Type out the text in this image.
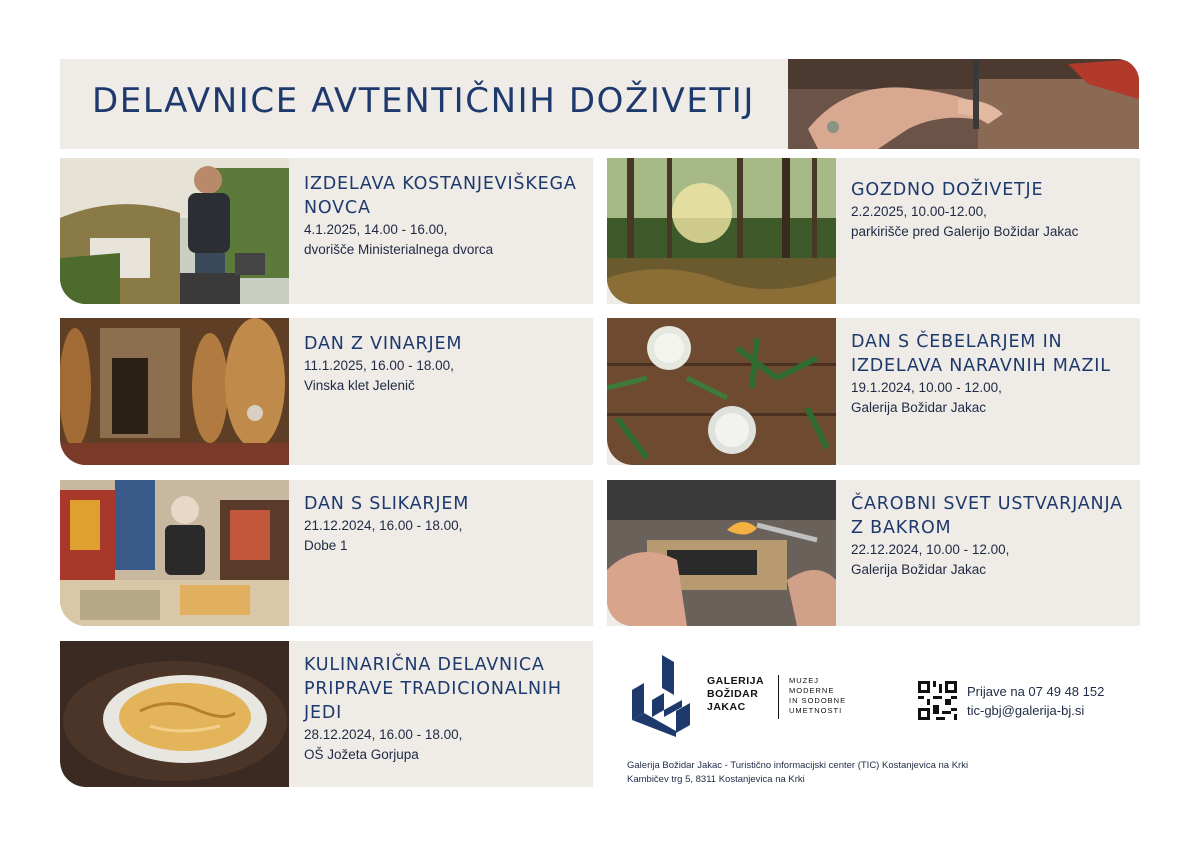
DELAVNICE AVTENTIČNIH DOŽIVETIJ

IZDELAVA KOSTANJEVIŠKEGA

NOVCA

4.1.2025, 14.00 - 16.00,

dvorišče Ministerialnega dvorca

GOZDNO DOŽIVETJE

2.2.2025, 10.00-12.00,

parkirišče pred Galerijo Božidar Jakac

DAN Z VINARJEM

11.1.2025, 16.00 - 18.00,

Vinska klet Jelenič

DAN S ČEBELARJEM IN

IZDELAVA NARAVNIH MAZIL

19.1.2024, 10.00 - 12.00,

Galerija Božidar Jakac

DAN S SLIKARJEM

21.12.2024, 16.00 - 18.00,

Dobe 1

ČAROBNI SVET USTVARJANJA

Z BAKROM

22.12.2024, 10.00 - 12.00,

Galerija Božidar Jakac

KULINARIČNA DELAVNICA

PRIPRAVE TRADICIONALNIH

JEDI

28.12.2024, 16.00 - 18.00,

OŠ Jožeta Gorjupa

GALERIJA
BOŽIDAR
JAKAC
MUZEJ
MODERNE
IN SODOBNE
UMETNOSTI
Prijave na 07 49 48 152
tic-gbj@galerija-bj.si
Galerija Božidar Jakac - Turistično informacijski center (TIC) Kostanjevica na Krki
Kambičev trg 5, 8311 Kostanjevica na Krki
